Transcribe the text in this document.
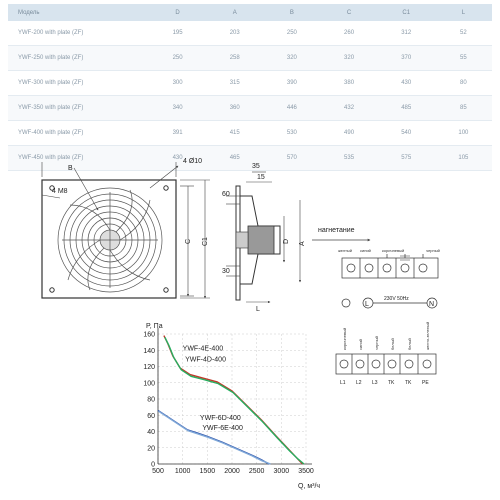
Модель	D	A	B	C	C1	L
YWF-200 with plate (ZF)	195	203	250	260	312	52
YWF-250 with plate (ZF)	250	258	320	320	370	55
YWF-300 with plate (ZF)	300	315	390	380	430	80
YWF-350 with plate (ZF)	340	360	446	432	485	85
YWF-400 with plate (ZF)	391	415	530	490	540	100
YWF-450 with plate (ZF)	430	465	570	535	575	105
B
4 Ø10
4 M8
C C1
35
15
60
30
D A
L
нагнетание
желтый синий	коричневый	черный
L	N
230V 50Hz
коричневый	синий	черный	белый	белый	желто-зеленый
L1 L2 L3 TK TK PE
P, Па
Q, м³/ч
500 1000 1500 2000 2500 3000 3500
0
20
40
60
80
100
120
140
160
YWF-4E-400
YWF-4D-400
YWF-6D-400
YWF-6E-400
